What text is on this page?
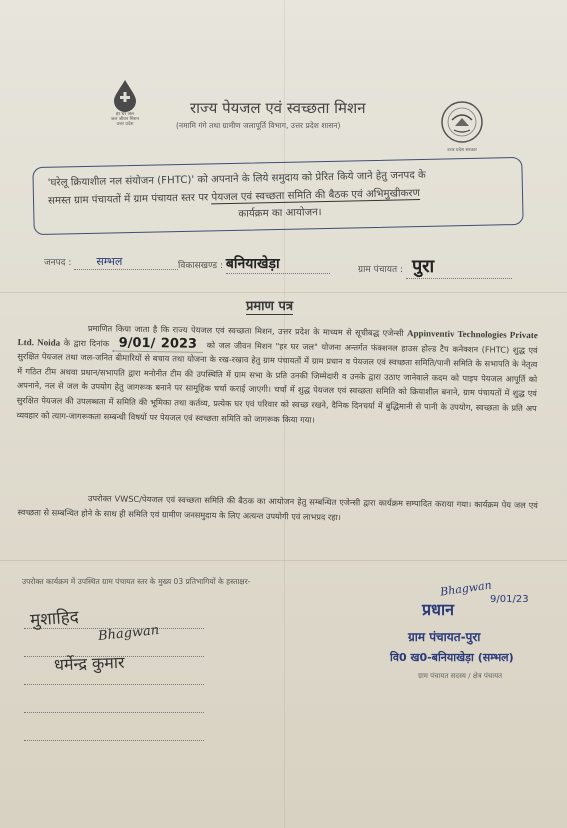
हर घर जल
जल जीवन मिशन
उत्तर प्रदेश
राज्य पेयजल एवं स्वच्छता मिशन
(नमामि गंगे तथा ग्रामीण जलापूर्ति विभाग, उत्तर प्रदेश शासन)
उत्तर प्रदेश सरकार
'घरेलू क्रियाशील नल संयोजन (FHTC)' को अपनाने के लिये समुदाय को प्रेरित किये जाने हेतु जनपद के
समस्त ग्राम पंचायतों में ग्राम पंचायत स्तर पर पेयजल एवं स्वच्छता समिति की बैठक एवं अभिमुखीकरण
कार्यक्रम का आयोजन।
जनपद : सम्भल	विकासखण्ड : बनियाखेड़ा	ग्राम पंचायत : पुरा
प्रमाण पत्र

प्रमाणित किया जाता है कि राज्य पेयजल एवं स्वच्छता मिशन, उत्तर प्रदेश के माध्यम से सूचीबद्ध एजेन्सी Appinventiv Technologies Private Ltd. Noida के द्वारा दिनांक 9/01/ 2023 को जल जीवन मिशन "हर घर जल" योजना अन्तर्गत फंक्शनल हाउस होल्ड टैप कनेक्शन (FHTC) शुद्ध एवं सुरक्षित पेयजल तथा जल-जनित बीमारियों से बचाव तथा योजना के रख-रखाव हेतु ग्राम पंचायतों में ग्राम प्रधान व पेयजल एवं स्वच्छता समिति/पानी समिति के सभापति के नेतृत्व में गठित टीम अथवा प्रधान/सभापति द्वारा मनोनीत टीम की उपस्थिति में ग्राम सभा के प्रति उनकी जिम्मेदारी व उनके द्वारा उठाए जानेवाले कदम को पाइप पेयजल आपूर्ति को अपनाने, नल से जल के उपयोग हेतु जागरूक बनाने पर सामूहिक चर्चा कराई जाएगी। चर्चा में शुद्ध पेयजल एवं स्वच्छता समिति को क्रियाशील बनाने, ग्राम पंचायतों में शुद्ध एवं सुरक्षित पेयजल की उपलब्धता में समिति की भूमिका तथा कर्तव्य, प्रत्येक घर एवं परिवार को स्वच्छ रखने, दैनिक दिनचर्या में बुद्धिमानी से पानी के उपयोग, स्वच्छता के प्रति अप व्यवहार को त्याग-जागरूकता सम्बन्धी विषयों पर पेयजल एवं स्वच्छता समिति को जागरूक किया गया।

उपरोक्त VWSC/पेयजल एवं स्वच्छता समिति की बैठक का आयोजन हेतु सम्बन्धित एजेन्सी द्वारा कार्यक्रम सम्पादित कराया गया। कार्यक्रम पेय जल एवं स्वच्छता से सम्बन्धित होने के साथ ही समिति एवं ग्रामीण जनसमुदाय के लिए अत्यन्त उपयोगी एवं लाभप्रद रहा।

उपरोक्त कार्यक्रम में उपस्थित ग्राम पंचायत स्तर के मुख्य 03 प्रतिभागियों के हस्ताक्षर-
मुशाहिद
Bhagwan
धर्मेन्द्र कुमार
Bhagwan
9/01/23
प्रधान
ग्राम पंचायत-पुरा
वि0 ख0-बनियाखेड़ा (सम्भल)
ग्राम पंचायत सदस्य / क्षेत्र पंचायत
